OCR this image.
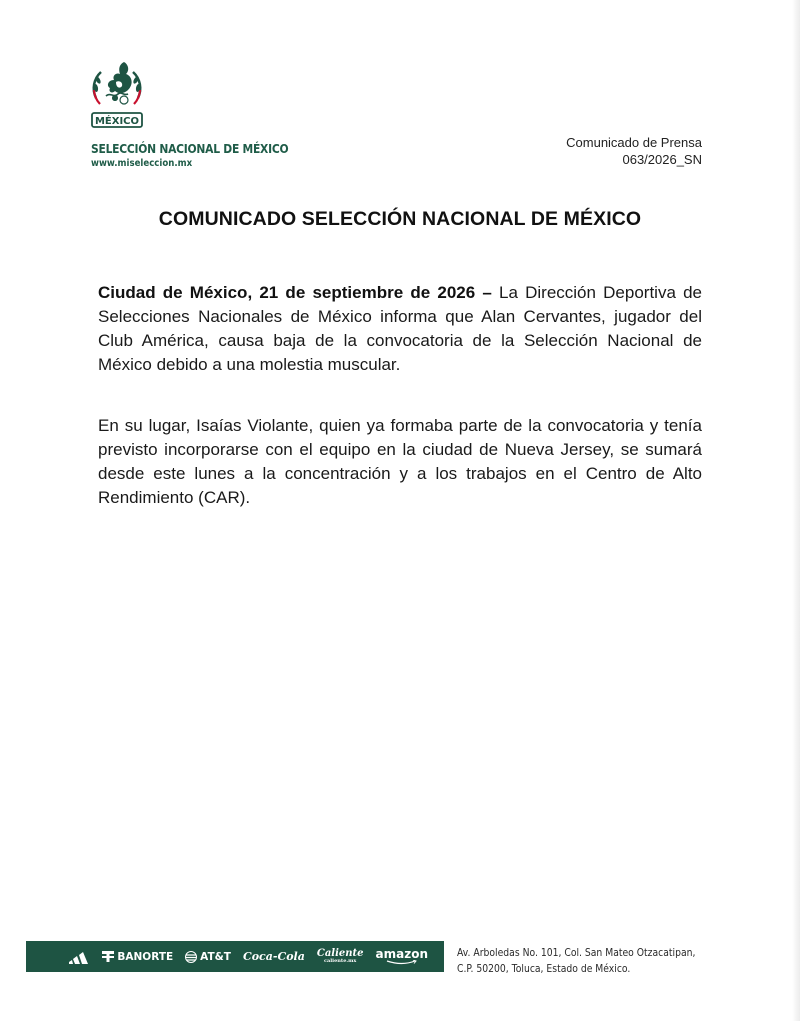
MÉXICO
SELECCIÓN NACIONAL DE MÉXICO
www.miseleccion.mx
Comunicado de Prensa
063/2026_SN
COMUNICADO SELECCIÓN NACIONAL DE MÉXICO

Ciudad de México, 21 de septiembre de 2026 – La Dirección Deportiva de Selecciones Nacionales de México informa que Alan Cervantes, jugador del Club América, causa baja de la convocatoria de la Selección Nacional de México debido a una molestia muscular.

En su lugar, Isaías Violante, quien ya formaba parte de la convocatoria y tenía previsto incorporarse con el equipo en la ciudad de Nueva Jersey, se sumará desde este lunes a la concentración y a los trabajos en el Centro de Alto Rendimiento (CAR).

BANORTE	AT&T Coca-Cola Caliente
caliente.mx amazon	Av. Arboledas No. 101, Col. San Mateo Otzacatipan,
C.P. 50200, Toluca, Estado de México.
